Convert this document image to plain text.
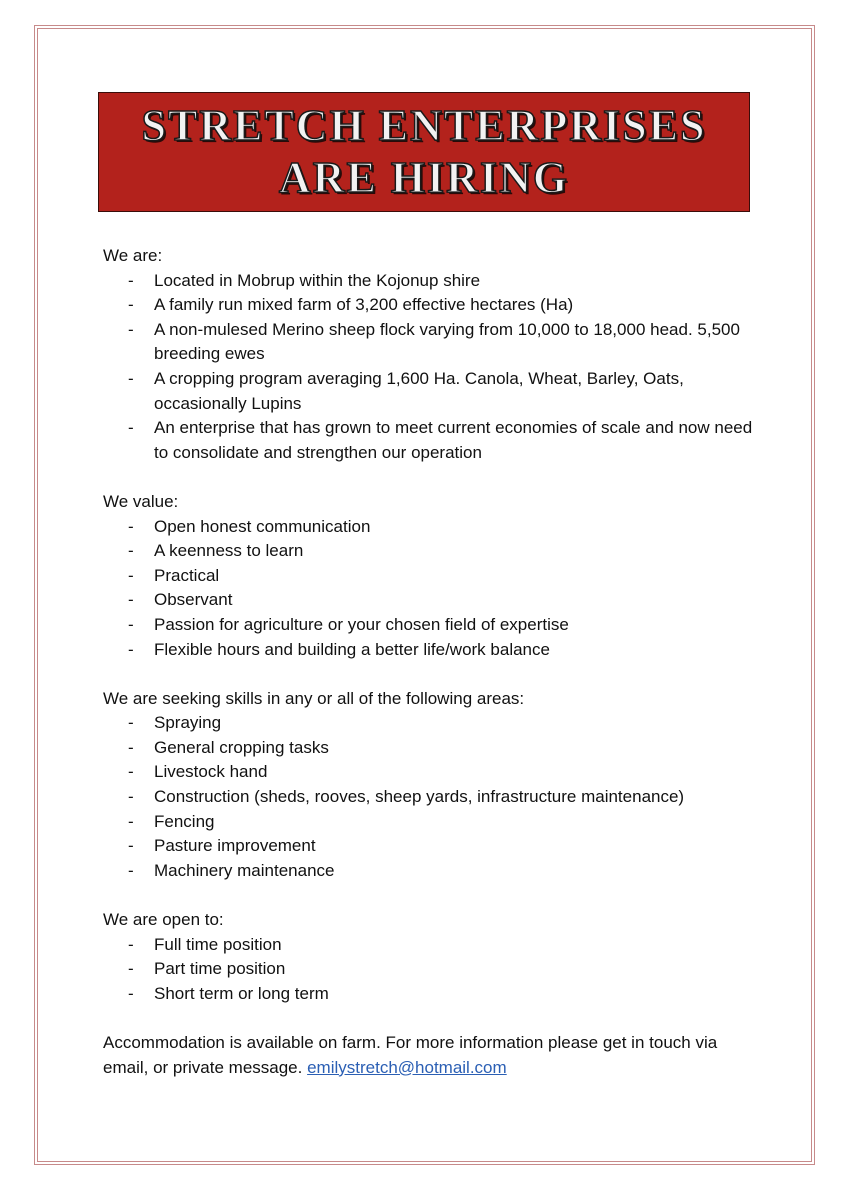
STRETCH ENTERPRISES
ARE HIRING

We are:

- Located in Mobrup within the Kojonup shire
- A family run mixed farm of 3,200 effective hectares (Ha)
- A non-mulesed Merino sheep flock varying from 10,000 to 18,000 head. 5,500 breeding ewes
- A cropping program averaging 1,600 Ha. Canola, Wheat, Barley, Oats, occasionally Lupins
- An enterprise that has grown to meet current economies of scale and now need to consolidate and strengthen our operation

We value:

- Open honest communication
- A keenness to learn
- Practical
- Observant
- Passion for agriculture or your chosen field of expertise
- Flexible hours and building a better life/work balance

We are seeking skills in any or all of the following areas:

- Spraying
- General cropping tasks
- Livestock hand
- Construction (sheds, rooves, sheep yards, infrastructure maintenance)
- Fencing
- Pasture improvement
- Machinery maintenance

We are open to:

- Full time position
- Part time position
- Short term or long term

Accommodation is available on farm. For more information please get in touch via email, or private message. emilystretch@hotmail.com
